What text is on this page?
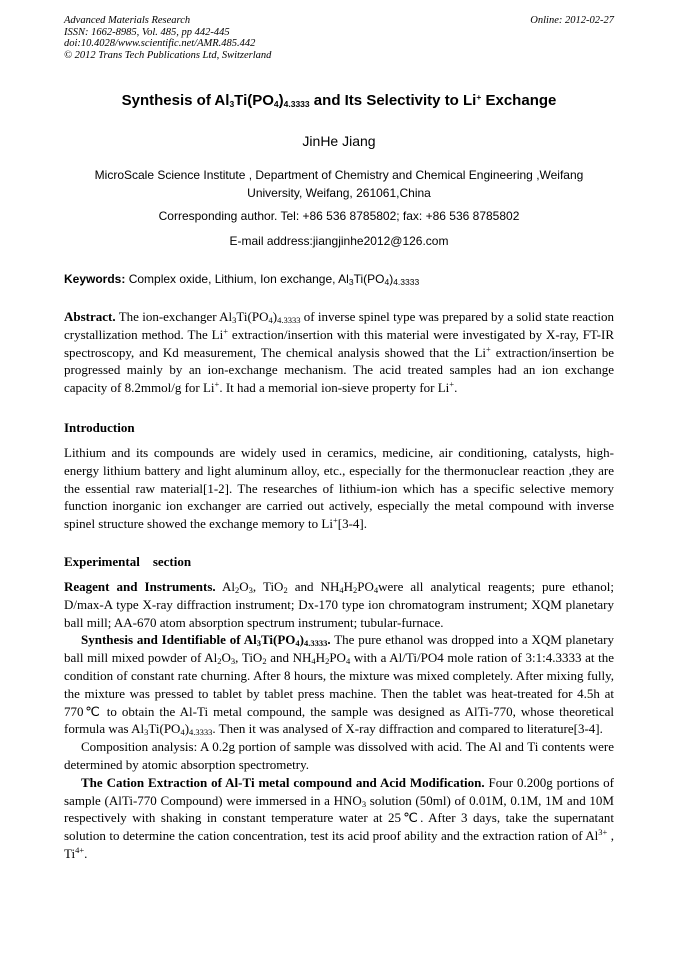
Advanced Materials Research
ISSN: 1662-8985, Vol. 485, pp 442-445
doi:10.4028/www.scientific.net/AMR.485.442
© 2012 Trans Tech Publications Ltd, Switzerland
Online: 2012-02-27
Synthesis of $Al_3Ti(PO_4)_{4.3333}$ and Its Selectivity to Li+ Exchange
JinHe Jiang
MicroScale Science Institute , Department of Chemistry and Chemical Engineering ,Weifang
University, Weifang, 261061,China
Corresponding author. Tel: +86 536 8785802; fax: +86 536 8785802
E-mail address:jiangjinhe2012@126.com
Keywords: Complex oxide, Lithium, Ion exchange, $Al_3Ti(PO_4)_{4.3333}$
Abstract. The ion-exchanger $Al_3Ti(PO_4)_{4.3333}$ of inverse spinel type was prepared by a solid state reaction crystallization method. The Li+ extraction/insertion with this material were investigated by X-ray, FT-IR spectroscopy, and Kd measurement, The chemical analysis showed that the Li+ extraction/insertion be progressed mainly by an ion-exchange mechanism. The acid treated samples had an ion exchange capacity of 8.2mmol/g for Li+. It had a memorial ion-sieve property for Li+.
Introduction
Lithium and its compounds are widely used in ceramics, medicine, air conditioning, catalysts, high-energy lithium battery and light aluminum alloy, etc., especially for the thermonuclear reaction ,they are the essential raw material[1-2]. The researches of lithium-ion which has a specific selective memory function inorganic ion exchanger are carried out actively, especially the metal compound with inverse spinel structure showed the exchange memory to Li+[3-4].
Experimental section
Reagent and Instruments. $Al_2O_3$, TiO$_2$ and $NH_4H_2PO_4were$ all analytical reagents; pure ethanol; D/max-A type X-ray diffraction instrument; Dx-170 type ion chromatogram instrument; XQM planetary ball mill; AA-670 atom absorption spectrum instrument; tubular-furnace.
Synthesis and Identifiable of $Al_3Ti(PO_4)_{4.3333}$. The pure ethanol was dropped into a XQM planetary ball mill mixed powder of $Al_2O_3$, TiO$_2$ and $NH_4H_2PO_4$ with a Al/Ti/PO4 mole ration of 3:1:4.3333 at the condition of constant rate churning. After 8 hours, the mixture was mixed completely. After mixing fully, the mixture was pressed to tablet by tablet press machine. Then the tablet was heat-treated for 4.5h at 770℃ to obtain the Al-Ti metal compound, the sample was designed as AlTi-770, whose theoretical formula was $Al_3Ti(PO_4)_{4.3333}$. Then it was analysed of X-ray diffraction and compared to literature[3-4].
Composition analysis: A 0.2g portion of sample was dissolved with acid. The Al and Ti contents were determined by atomic absorption spectrometry.
The Cation Extraction of Al-Ti metal compound and Acid Modification. Four 0.200g portions of sample (AlTi-770 Compound) were immersed in a $HNO_3$ solution (50ml) of 0.01M, 0.1M, 1M and 10M respectively with shaking in constant temperature water at 25℃. After 3 days, take the supernatant solution to determine the cation concentration, test its acid proof ability and the extraction ration of $Al^{3+}$ , $Ti^{4+}$.
